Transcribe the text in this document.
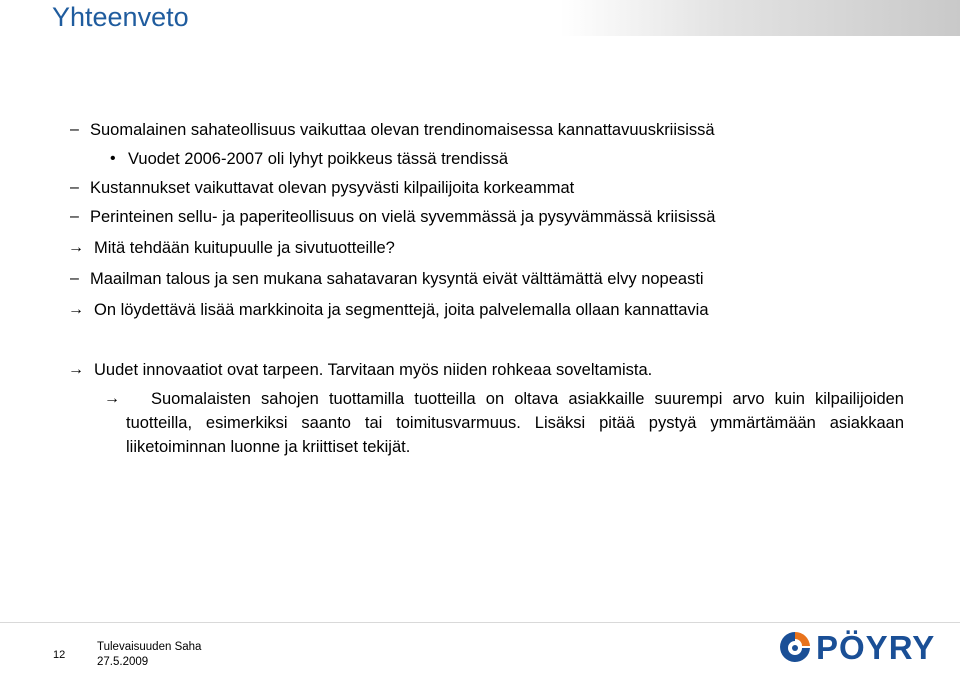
Yhteenveto
– Suomalainen sahateollisuus vaikuttaa olevan trendinomaisessa kannattavuuskriisissä
• Vuodet 2006-2007 oli lyhyt poikkeus tässä trendissä
– Kustannukset vaikuttavat olevan pysyvästi kilpailijoita korkeammat
– Perinteinen sellu- ja paperiteollisuus on vielä syvemmässä ja pysyvämmässä kriisissä
→ Mitä tehdään kuitupuulle ja sivutuotteille?
– Maailman talous ja sen mukana sahatavaran kysyntä eivät välttämättä elvy nopeasti
→ On löydettävä lisää markkinoita ja segmenttejä, joita palvelemalla ollaan kannattavia
→ Uudet innovaatiot ovat tarpeen. Tarvitaan myös niiden rohkeaa soveltamista.
→	Suomalaisten sahojen tuottamilla tuotteilla on oltava asiakkaille suurempi arvo kuin kilpailijoiden tuotteilla, esimerkiksi saanto tai toimitusvarmuus. Lisäksi pitää pystyä ymmärtämään asiakkaan liiketoiminnan luonne ja kriittiset tekijät.

12
Tulevaisuuden Saha
27.5.2009	PÖYRY
